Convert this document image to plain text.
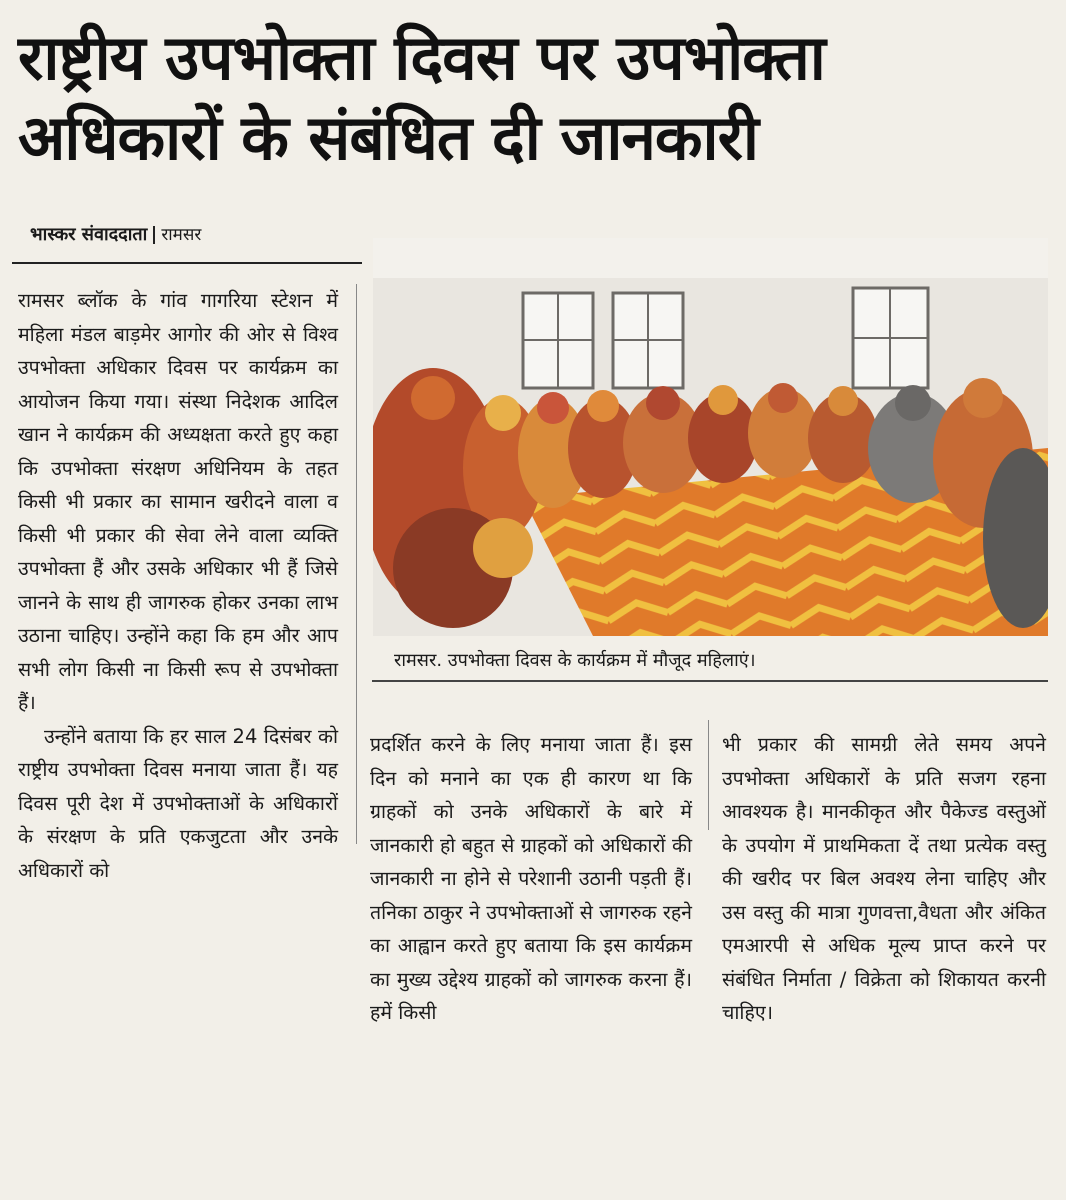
राष्ट्रीय उपभोक्ता दिवस पर उपभोक्ता
अधिकारों के संबंधित दी जानकारी
भास्कर संवाददाता रामसर

रामसर ब्लॉक के गांव गागरिया स्टेशन में महिला मंडल बाड़मेर आगोर की ओर से विश्व उपभोक्ता अधिकार दिवस पर कार्यक्रम का आयोजन किया गया। संस्था निदेशक आदिल खान ने कार्यक्रम की अध्यक्षता करते हुए कहा कि उपभोक्ता संरक्षण अधिनियम के तहत किसी भी प्रकार का सामान खरीदने वाला व किसी भी प्रकार की सेवा लेने वाला व्यक्ति उपभोक्ता हैं और उसके अधिकार भी हैं जिसे जानने के साथ ही जागरुक होकर उनका लाभ उठाना चाहिए। उन्होंने कहा कि हम और आप सभी लोग किसी ना किसी रूप से उपभोक्ता हैं।

उन्होंने बताया कि हर साल 24 दिसंबर को राष्ट्रीय उपभोक्ता दिवस मनाया जाता हैं। यह दिवस पूरी देश में उपभोक्ताओं के अधिकारों के संरक्षण के प्रति एकजुटता और उनके अधिकारों को

रामसर. उपभोक्ता दिवस के कार्यक्रम में मौजूद महिलाएं।
प्रदर्शित करने के लिए मनाया जाता हैं। इस दिन को मनाने का एक ही कारण था कि ग्राहकों को उनके अधिकारों के बारे में जानकारी हो बहुत से ग्राहकों को अधिकारों की जानकारी ना होने से परेशानी उठानी पड़ती हैं। तनिका ठाकुर ने उपभोक्ताओं से जागरुक रहने का आह्वान करते हुए बताया कि इस कार्यक्रम का मुख्य उद्देश्य ग्राहकों को जागरुक करना हैं। हमें किसी
भी प्रकार की सामग्री लेते समय अपने उपभोक्ता अधिकारों के प्रति सजग रहना आवश्यक है। मानकीकृत और पैकेज्ड वस्तुओं के उपयोग में प्राथमिकता दें तथा प्रत्येक वस्तु की खरीद पर बिल अवश्य लेना चाहिए और उस वस्तु की मात्रा गुणवत्ता,वैधता और अंकित एमआरपी से अधिक मूल्य प्राप्त करने पर संबंधित निर्माता / विक्रेता को शिकायत करनी चाहिए।
